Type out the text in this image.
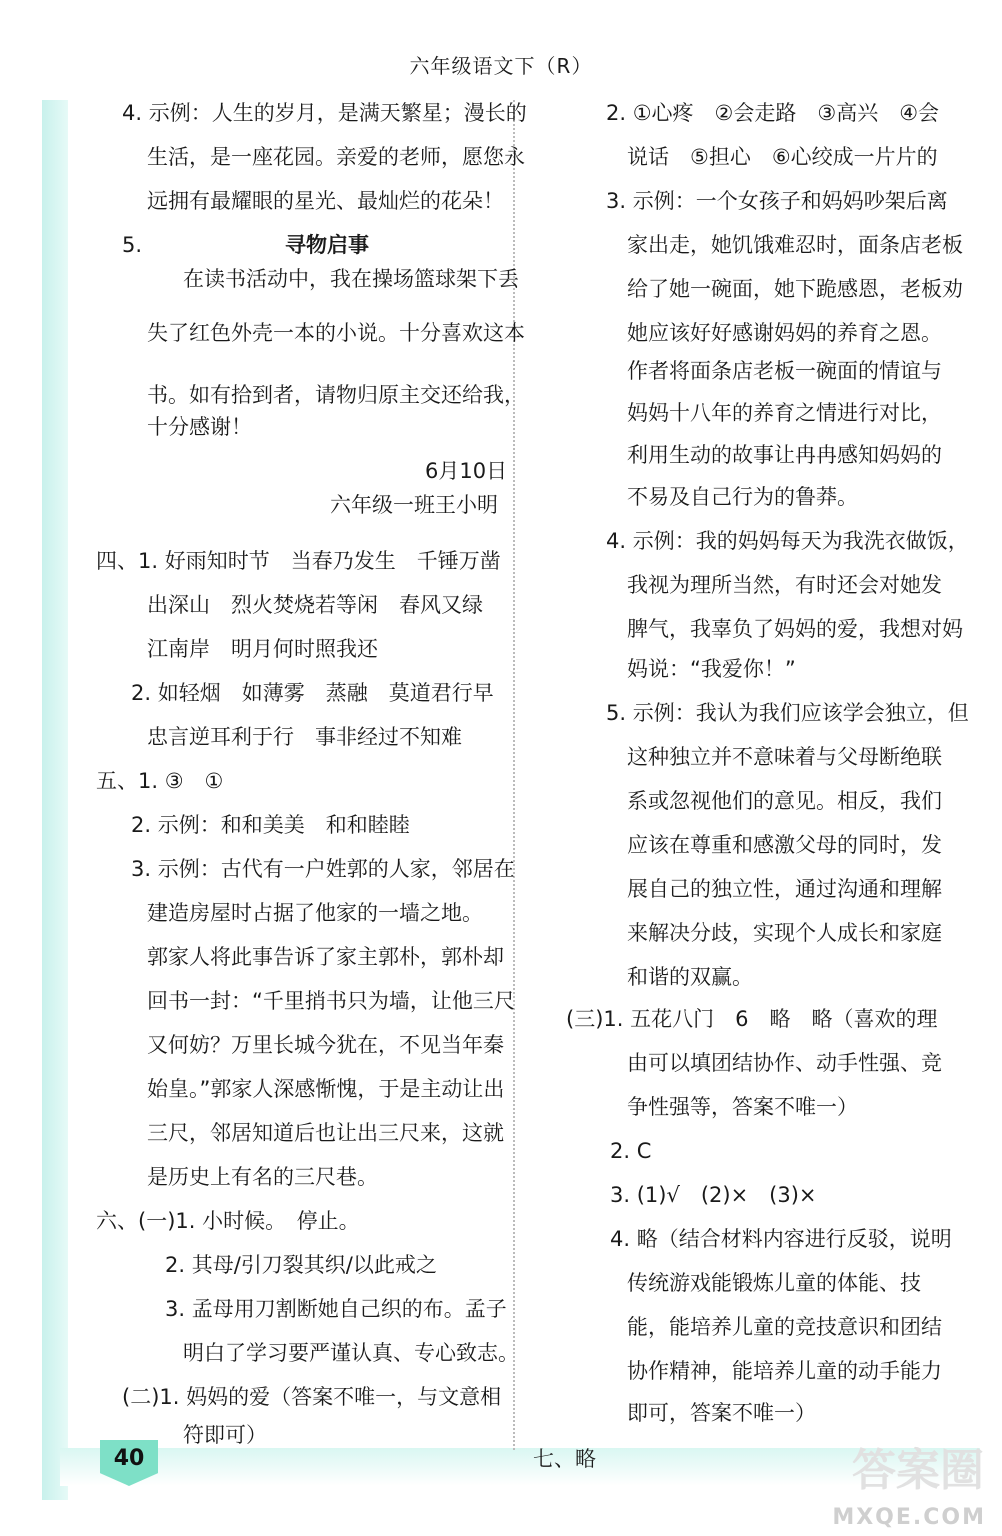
40
六年级语文下（R）
4. 示例：人生的岁月，是满天繁星；漫长的
生活，是一座花园。亲爱的老师，愿您永
远拥有最耀眼的星光、最灿烂的花朵！
5.	寻物启事
在读书活动中，我在操场篮球架下丢
失了红色外壳一本的小说。十分喜欢这本
书。如有拾到者，请物归原主交还给我，
十分感谢！
6月10日
六年级一班王小明
四、1. 好雨知时节　当春乃发生　千锤万凿
出深山　烈火焚烧若等闲　春风又绿
江南岸　明月何时照我还
2. 如轻烟　如薄雾　蒸融　莫道君行早
忠言逆耳利于行　事非经过不知难
五、1. ③　①
2. 示例：和和美美　和和睦睦
3. 示例：古代有一户姓郭的人家，邻居在
建造房屋时占据了他家的一墙之地。
郭家人将此事告诉了家主郭朴，郭朴却
回书一封：“千里捎书只为墙，让他三尺
又何妨？万里长城今犹在，不见当年秦
始皇。”郭家人深感惭愧，于是主动让出
三尺，邻居知道后也让出三尺来，这就
是历史上有名的三尺巷。
六、(一)1. 小时候。　停止。
2. 其母/引刀裂其织/以此戒之
3. 孟母用刀割断她自己织的布。孟子
明白了学习要严谨认真、专心致志。
(二)1. 妈妈的爱（答案不唯一，与文意相
符即可）
2. ①心疼　②会走路　③高兴　④会
说话　⑤担心　⑥心绞成一片片的
3. 示例：一个女孩子和妈妈吵架后离
家出走，她饥饿难忍时，面条店老板
给了她一碗面，她下跪感恩，老板劝
她应该好好感谢妈妈的养育之恩。
作者将面条店老板一碗面的情谊与
妈妈十八年的养育之情进行对比，
利用生动的故事让冉冉感知妈妈的
不易及自己行为的鲁莽。
4. 示例：我的妈妈每天为我洗衣做饭，
我视为理所当然，有时还会对她发
脾气，我辜负了妈妈的爱，我想对妈
妈说：“我爱你！”
5. 示例：我认为我们应该学会独立，但
这种独立并不意味着与父母断绝联
系或忽视他们的意见。相反，我们
应该在尊重和感激父母的同时，发
展自己的独立性，通过沟通和理解
来解决分歧，实现个人成长和家庭
和谐的双赢。
(三)1. 五花八门　6　略　略（喜欢的理
由可以填团结协作、动手性强、竞
争性强等，答案不唯一）
2. C
3. (1)√　(2)×　(3)×
4. 略（结合材料内容进行反驳，说明
传统游戏能锻炼儿童的体能、技
能，能培养儿童的竞技意识和团结
协作精神，能培养儿童的动手能力
即可，答案不唯一）
七、略	答案圈
MXQE.COM
